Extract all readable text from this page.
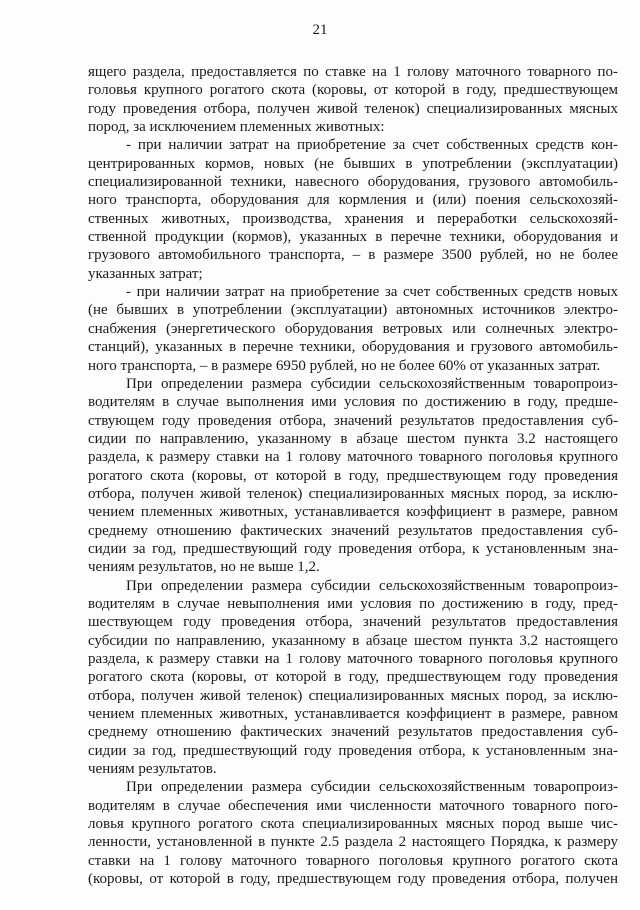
21
ящего раздела, предоставляется по ставке на 1 голову маточного товарного по-
головья крупного рогатого скота (коровы, от которой в году, предшествующем
году проведения отбора, получен живой теленок) специализированных мясных
пород, за исключением племенных животных:
- при наличии затрат на приобретение за счет собственных средств кон-
центрированных кормов, новых (не бывших в употреблении (эксплуатации)
специализированной техники, навесного оборудования, грузового автомобиль-
ного транспорта, оборудования для кормления и (или) поения сельскохозяй-
ственных животных, производства, хранения и переработки сельскохозяй-
ственной продукции (кормов), указанных в перечне техники, оборудования и
грузового автомобильного транспорта, – в размере 3500 рублей, но не более
указанных затрат;
- при наличии затрат на приобретение за счет собственных средств новых
(не бывших в употреблении (эксплуатации) автономных источников электро-
снабжения (энергетического оборудования ветровых или солнечных электро-
станций), указанных в перечне техники, оборудования и грузового автомобиль-
ного транспорта, – в размере 6950 рублей, но не более 60% от указанных затрат.
При определении размера субсидии сельскохозяйственным товаропроиз-
водителям в случае выполнения ими условия по достижению в году, предше-
ствующем году проведения отбора, значений результатов предоставления суб-
сидии по направлению, указанному в абзаце шестом пункта 3.2 настоящего
раздела, к размеру ставки на 1 голову маточного товарного поголовья крупного
рогатого скота (коровы, от которой в году, предшествующем году проведения
отбора, получен живой теленок) специализированных мясных пород, за исклю-
чением племенных животных, устанавливается коэффициент в размере, равном
среднему отношению фактических значений результатов предоставления суб-
сидии за год, предшествующий году проведения отбора, к установленным зна-
чениям результатов, но не выше 1,2.
При определении размера субсидии сельскохозяйственным товаропроиз-
водителям в случае невыполнения ими условия по достижению в году, пред-
шествующем году проведения отбора, значений результатов предоставления
субсидии по направлению, указанному в абзаце шестом пункта 3.2 настоящего
раздела, к размеру ставки на 1 голову маточного товарного поголовья крупного
рогатого скота (коровы, от которой в году, предшествующем году проведения
отбора, получен живой теленок) специализированных мясных пород, за исклю-
чением племенных животных, устанавливается коэффициент в размере, равном
среднему отношению фактических значений результатов предоставления суб-
сидии за год, предшествующий году проведения отбора, к установленным зна-
чениям результатов.
При определении размера субсидии сельскохозяйственным товаропроиз-
водителям в случае обеспечения ими численности маточного товарного пого-
ловья крупного рогатого скота специализированных мясных пород выше чис-
ленности, установленной в пункте 2.5 раздела 2 настоящего Порядка, к размеру
ставки на 1 голову маточного товарного поголовья крупного рогатого скота
(коровы, от которой в году, предшествующем году проведения отбора, получен
